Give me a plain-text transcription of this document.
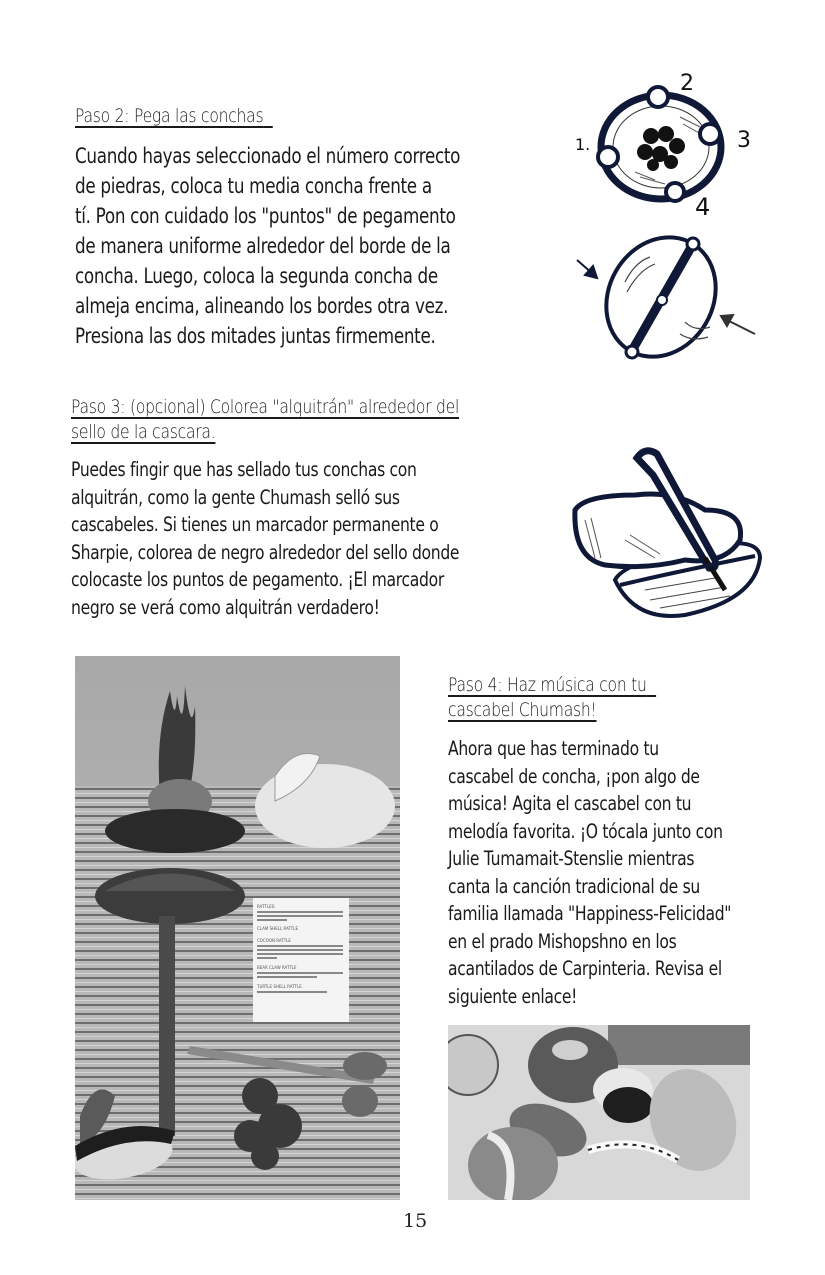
Paso 2: Pega las conchas
Cuando hayas seleccionado el número correcto
de piedras, coloca tu media concha frente a
tí. Pon con cuidado los "puntos" de pegamento
de manera uniforme alrededor del borde de la
concha. Luego, coloca la segunda concha de
almeja encima, alineando los bordes otra vez.
Presiona las dos mitades juntas firmemente.
1.
2
3
4
Paso 3: (opcional) Colorea "alquitrán" alrededor del
sello de la cascara.
Puedes fingir que has sellado tus conchas con
alquitrán, como la gente Chumash selló sus
cascabeles. Si tienes un marcador permanente o
Sharpie, colorea de negro alrededor del sello donde
colocaste los puntos de pegamento. ¡El marcador
negro se verá como alquitrán verdadero!
RATTLES:
CLAM SHELL RATTLE
COCOON RATTLE
BEAR CLAW RATTLE
TURTLE SHELL RATTLE
Paso 4: Haz música con tu
cascabel Chumash!
Ahora que has terminado tu
cascabel de concha, ¡pon algo de
música! Agita el cascabel con tu
melodía favorita. ¡O tócala junto con
Julie Tumamait-Stenslie mientras
canta la canción tradicional de su
familia llamada "Happiness-Felicidad"
en el prado Mishopshno en los
acantilados de Carpinteria. Revisa el
siguiente enlace!
15
